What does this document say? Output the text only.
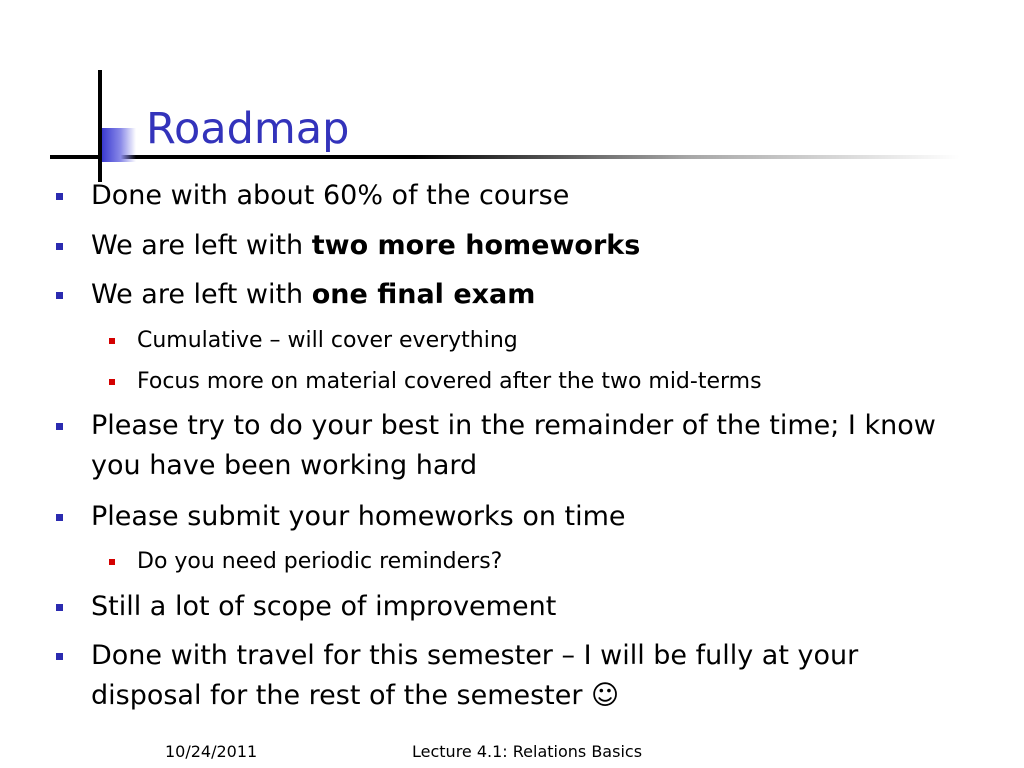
Roadmap
Done with about 60% of the course
We are left with two more homeworks
We are left with one final exam
Cumulative – will cover everything
Focus more on material covered after the two mid-terms
Please try to do your best in the remainder of the time; I know you have been working hard
Please submit your homeworks on time
Do you need periodic reminders?
Still a lot of scope of improvement
Done with travel for this semester – I will be fully at your disposal for the rest of the semester ☺
10/24/2011	Lecture 4.1: Relations Basics
